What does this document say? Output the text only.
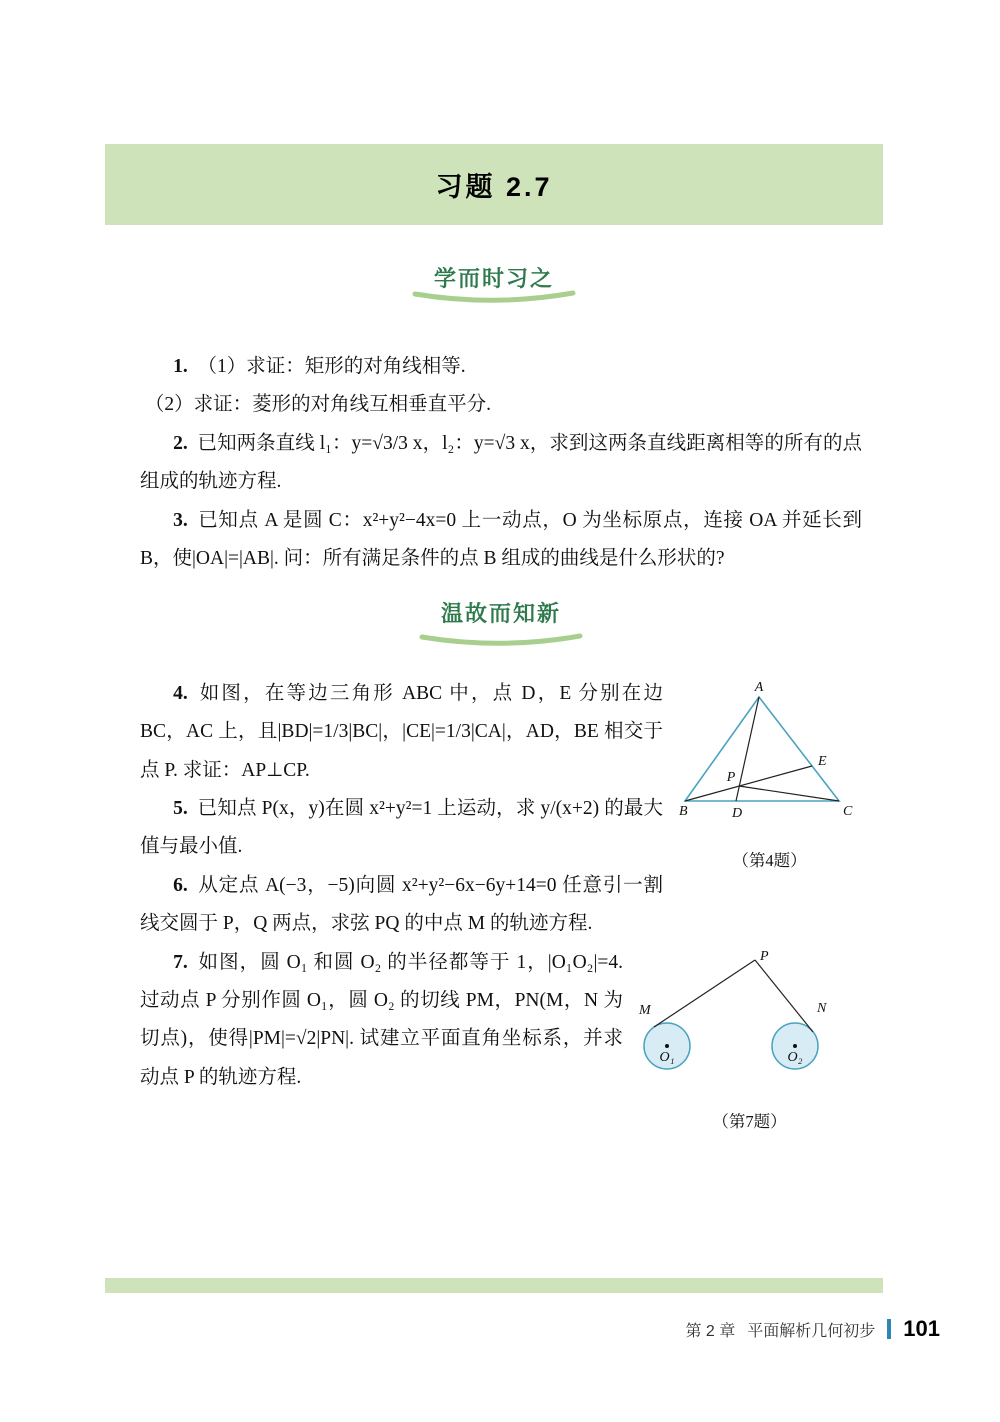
习题 2.7
学而时习之

1. （1）求证：矩形的对角线相等.

（2）求证：菱形的对角线互相垂直平分.

2. 已知两条直线 l₁：y=√3/3 x，l₂：y=√3 x，求到这两条直线距离相等的所有的点组成的轨迹方程.

3. 已知点 A 是圆 C：x²+y²−4x=0 上一动点，O 为坐标原点，连接 OA 并延长到 B，使|OA|=|AB|. 问：所有满足条件的点 B 组成的曲线是什么形状的?

温故而知新
A
B	C
D
E
P
（第4题）

4. 如图，在等边三角形 ABC 中，点 D，E 分别在边 BC，AC 上，且|BD|=1/3|BC|，|CE|=1/3|CA|，AD，BE 相交于点 P. 求证：AP⊥CP.

5. 已知点 P(x，y)在圆 x²+y²=1 上运动，求 y/(x+2) 的最大值与最小值.

6. 从定点 A(−3，−5)向圆 x²+y²−6x−6y+14=0 任意引一割线交圆于 P，Q 两点，求弦 PQ 的中点 M 的轨迹方程.

P
M	N
O₁	O₂
（第7题）

7. 如图，圆 O₁ 和圆 O₂ 的半径都等于 1，|O₁O₂|=4. 过动点 P 分别作圆 O₁，圆 O₂ 的切线 PM，PN(M，N 为切点)，使得|PM|=√2|PN|. 试建立平面直角坐标系，并求动点 P 的轨迹方程.

第 2 章 平面解析几何初步 101
